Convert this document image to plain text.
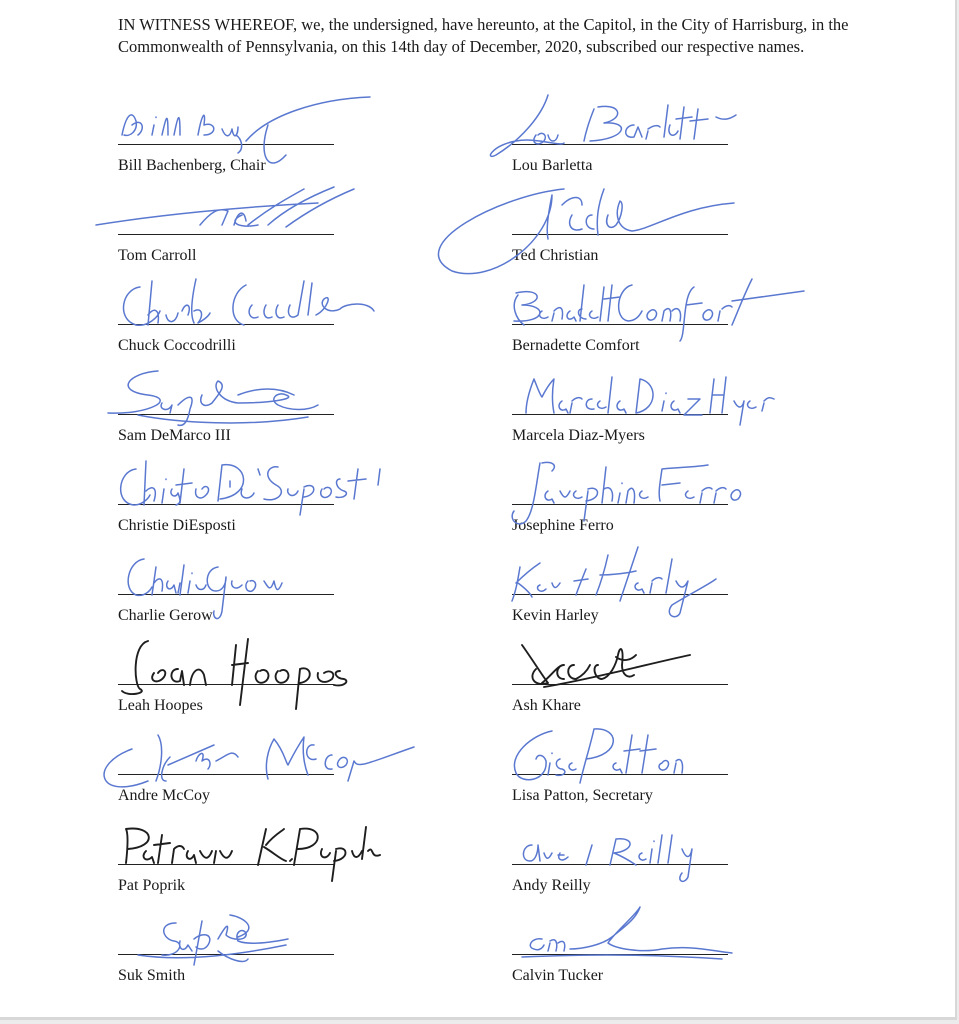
IN WITNESS WHEREOF, we, the undersigned, have hereunto, at the Capitol, in the City of Harrisburg, in the Commonwealth of Pennsylvania, on this 14th day of December, 2020, subscribed our respective names.

Bill Bachenberg, Chair
Tom Carroll
Chuck Coccodrilli
Sam DeMarco III
Christie DiEsposti
Charlie Gerow
Leah Hoopes
Andre McCoy
Pat Poprik
Suk Smith
Lou Barletta
Ted Christian
Bernadette Comfort
Marcela Diaz-Myers
Josephine Ferro
Kevin Harley
Ash Khare
Lisa Patton, Secretary
Andy Reilly
Calvin Tucker
